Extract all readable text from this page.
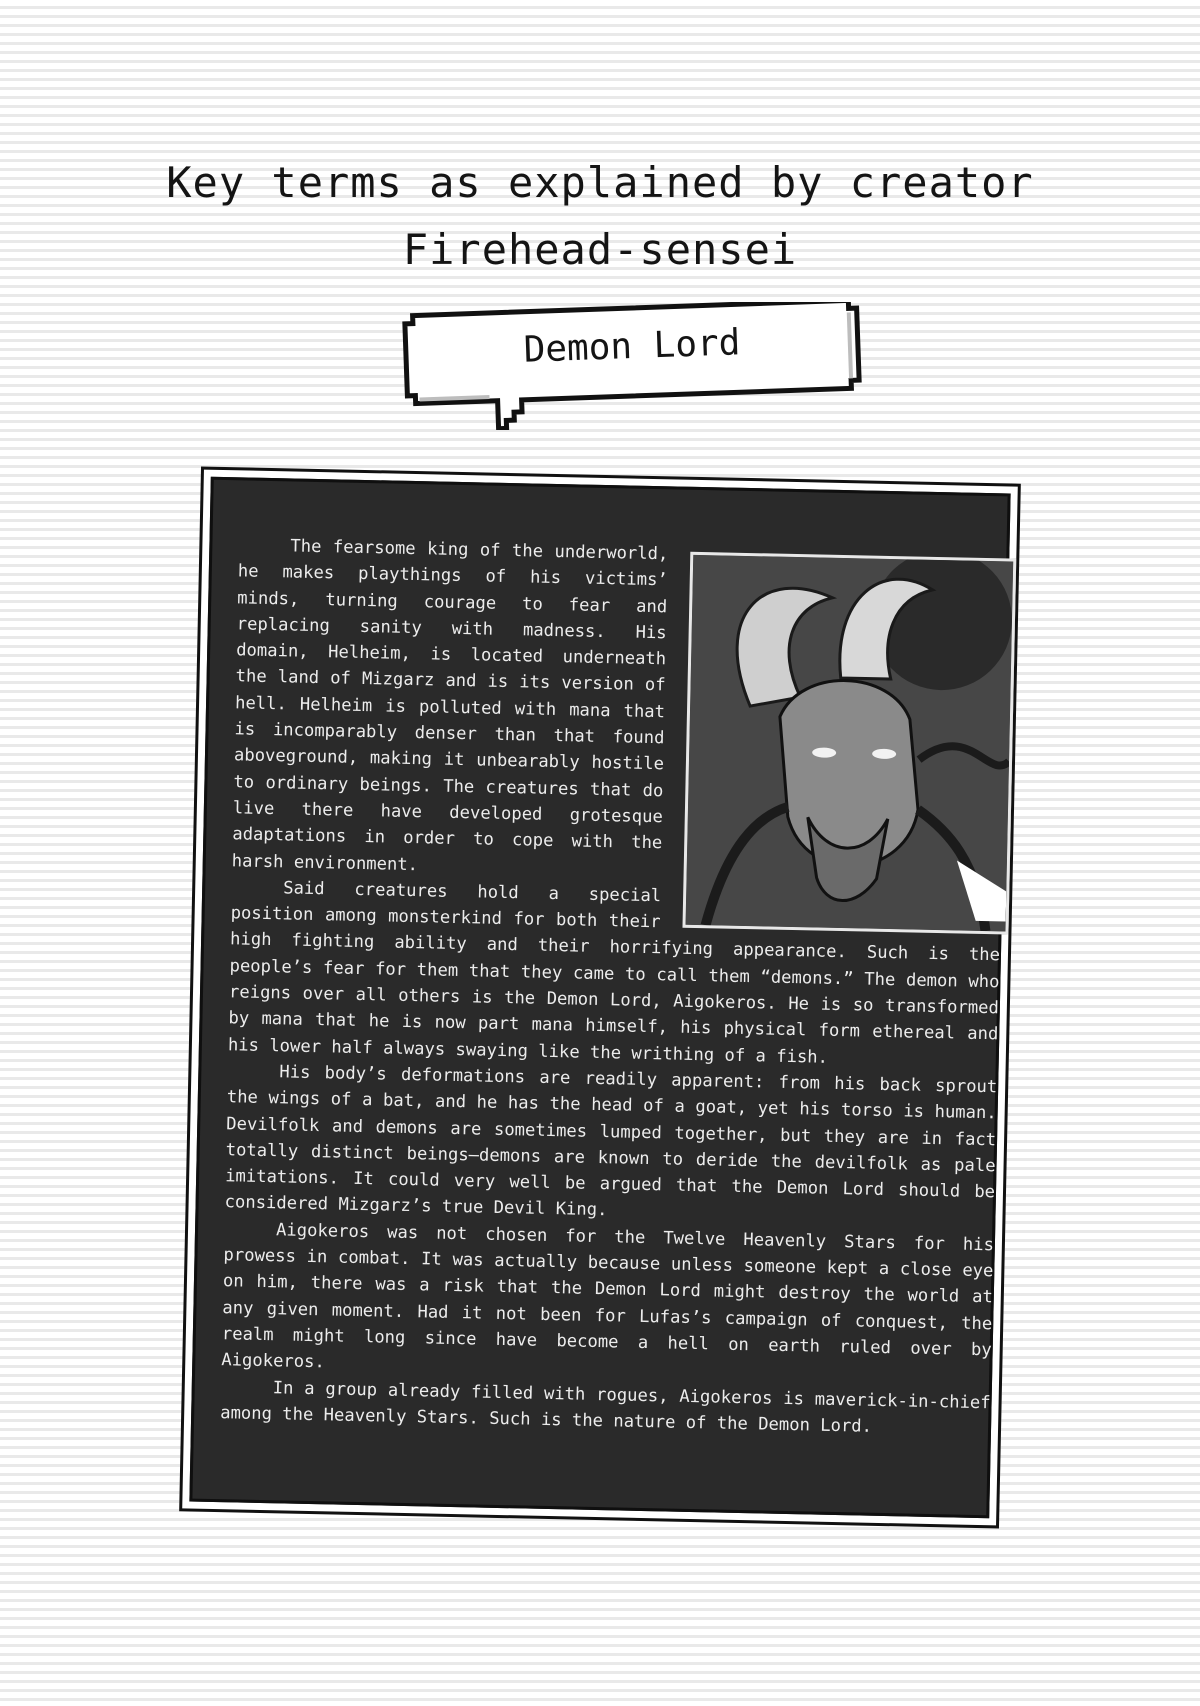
Key terms as explained by creator
Firehead-sensei
Demon Lord

The fearsome king of the underworld, he makes playthings of his victims’ minds, turning courage to fear and replacing sanity with madness. His domain, Helheim, is located underneath the land of Mizgarz and is its version of hell. Helheim is polluted with mana that is incomparably denser than that found aboveground, making it unbearably hostile to ordinary beings. The creatures that do live there have developed grotesque adaptations in order to cope with the harsh environment.

Said creatures hold a special position among monsterkind for both their high fighting ability and their horrifying appearance. Such is the people’s fear for them that they came to call them “demons.” The demon who reigns over all others is the Demon Lord, Aigokeros. He is so transformed by mana that he is now part mana himself, his physical form ethereal and his lower half always swaying like the writhing of a fish.

His body’s deformations are readily apparent: from his back sprout the wings of a bat, and he has the head of a goat, yet his torso is human. Devilfolk and demons are sometimes lumped together, but they are in fact totally distinct beings—demons are known to deride the devilfolk as pale imitations. It could very well be argued that the Demon Lord should be considered Mizgarz’s true Devil King.

Aigokeros was not chosen for the Twelve Heavenly Stars for his prowess in combat. It was actually because unless someone kept a close eye on him, there was a risk that the Demon Lord might destroy the world at any given moment. Had it not been for Lufas’s campaign of conquest, the realm might long since have become a hell on earth ruled over by Aigokeros.

In a group already filled with rogues, Aigokeros is maverick-in-chief among the Heavenly Stars. Such is the nature of the Demon Lord.
